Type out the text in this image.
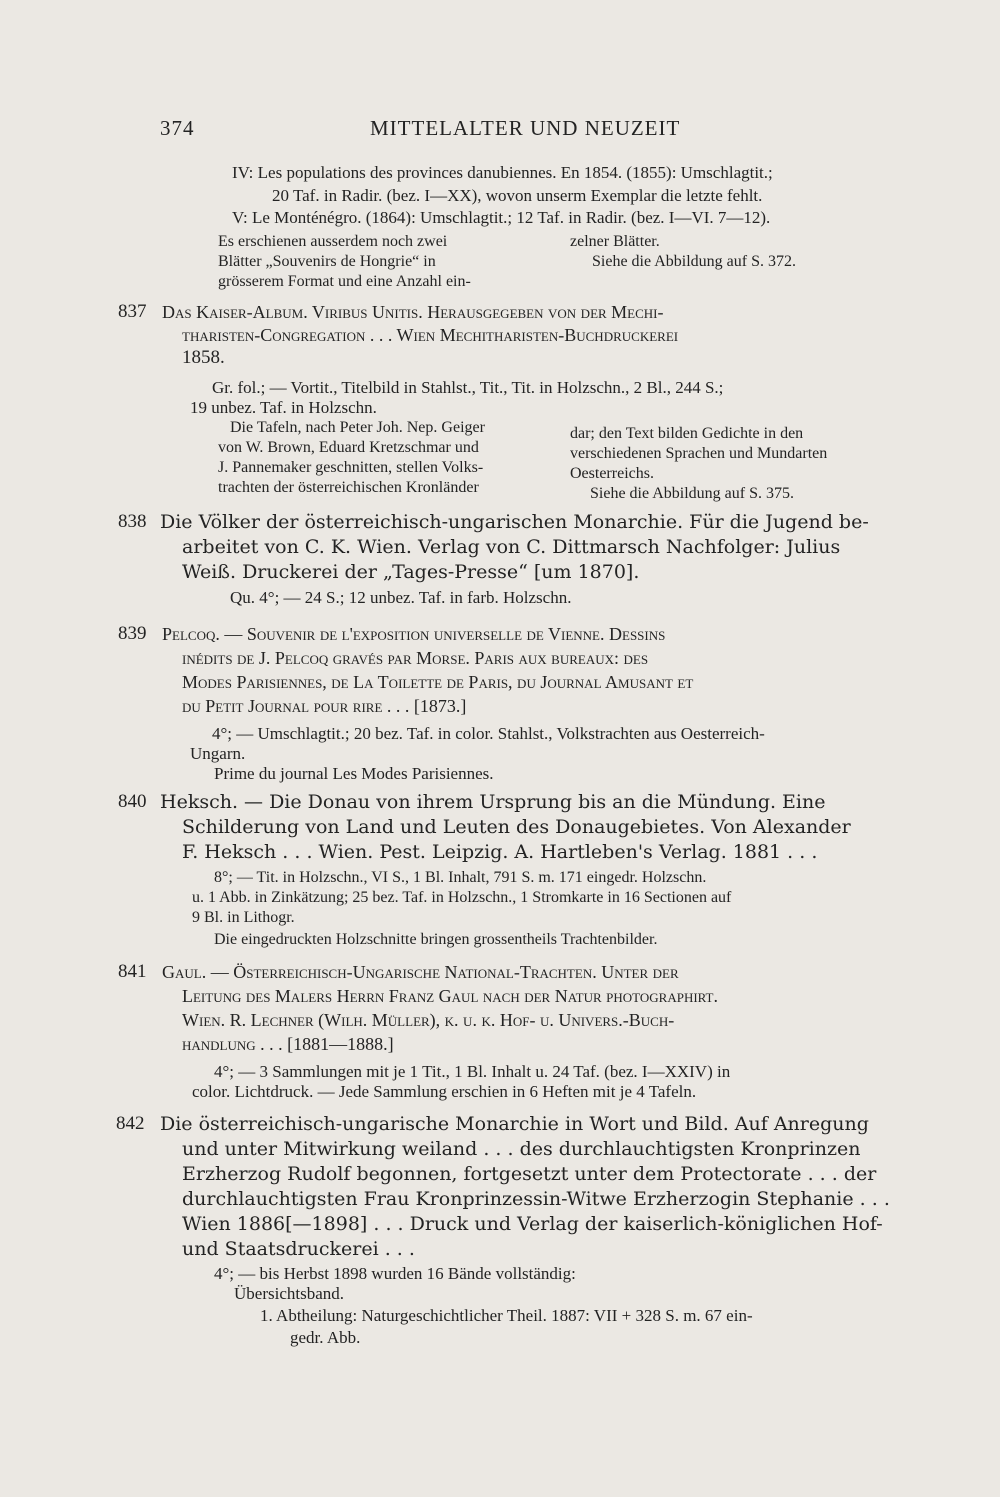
374	MITTELALTER UND NEUZEIT
IV: Les populations des provinces danubiennes. En 1854. (1855): Umschlagtit.;
20 Taf. in Radir. (bez. I—XX), wovon unserm Exemplar die letzte fehlt.
V: Le Monténégro. (1864): Umschlagtit.; 12 Taf. in Radir. (bez. I—VI. 7—12).
Es erschienen ausserdem noch zwei
Blätter „Souvenirs de Hongrie“ in
grösserem Format und eine Anzahl ein-
zelner Blätter.
Siehe die Abbildung auf S. 372.
837 Das Kaiser-Album. Viribus Unitis. Herausgegeben von der Mechi-
tharisten-Congregation . . . Wien Mechitharisten-Buchdruckerei
1858.
Gr. fol.; — Vortit., Titelbild in Stahlst., Tit., Tit. in Holzschn., 2 Bl., 244 S.;
19 unbez. Taf. in Holzschn.
Die Tafeln, nach Peter Joh. Nep. Geiger
von W. Brown, Eduard Kretzschmar und
J. Pannemaker geschnitten, stellen Volks-
trachten der österreichischen Kronländer
dar; den Text bilden Gedichte in den
verschiedenen Sprachen und Mundarten
Oesterreichs.
Siehe die Abbildung auf S. 375.
838 Die Völker der österreichisch-ungarischen Monarchie. Für die Jugend be-
arbeitet von C. K. Wien. Verlag von C. Dittmarsch Nachfolger: Julius
Weiß. Druckerei der „Tages-Presse“ [um 1870].
Qu. 4°; — 24 S.; 12 unbez. Taf. in farb. Holzschn.
839 Pelcoq. — Souvenir de l'exposition universelle de Vienne. Dessins
inédits de J. Pelcoq gravés par Morse. Paris aux bureaux: des
Modes Parisiennes, de La Toilette de Paris, du Journal Amusant et
du Petit Journal pour rire . . . [1873.]
4°; — Umschlagtit.; 20 bez. Taf. in color. Stahlst., Volkstrachten aus Oesterreich-
Ungarn.
Prime du journal Les Modes Parisiennes.
840 Heksch. — Die Donau von ihrem Ursprung bis an die Mündung. Eine
Schilderung von Land und Leuten des Donaugebietes. Von Alexander
F. Heksch . . . Wien. Pest. Leipzig. A. Hartleben's Verlag. 1881 . . .
8°; — Tit. in Holzschn., VI S., 1 Bl. Inhalt, 791 S. m. 171 eingedr. Holzschn.
u. 1 Abb. in Zinkätzung; 25 bez. Taf. in Holzschn., 1 Stromkarte in 16 Sectionen auf
9 Bl. in Lithogr.
Die eingedruckten Holzschnitte bringen grossentheils Trachtenbilder.
841 Gaul. — Österreichisch-Ungarische National-Trachten. Unter der
Leitung des Malers Herrn Franz Gaul nach der Natur photographirt.
Wien. R. Lechner (Wilh. Müller), k. u. k. Hof- u. Univers.-Buch-
handlung . . . [1881—1888.]
4°; — 3 Sammlungen mit je 1 Tit., 1 Bl. Inhalt u. 24 Taf. (bez. I—XXIV) in
color. Lichtdruck. — Jede Sammlung erschien in 6 Heften mit je 4 Tafeln.
842 Die österreichisch-ungarische Monarchie in Wort und Bild. Auf Anregung
und unter Mitwirkung weiland . . . des durchlauchtigsten Kronprinzen
Erzherzog Rudolf begonnen, fortgesetzt unter dem Protectorate . . . der
durchlauchtigsten Frau Kronprinzessin-Witwe Erzherzogin Stephanie . . .
Wien 1886[—1898] . . . Druck und Verlag der kaiserlich-königlichen Hof-
und Staatsdruckerei . . .
4°; — bis Herbst 1898 wurden 16 Bände vollständig:
Übersichtsband.
1. Abtheilung: Naturgeschichtlicher Theil. 1887: VII + 328 S. m. 67 ein-
gedr. Abb.
